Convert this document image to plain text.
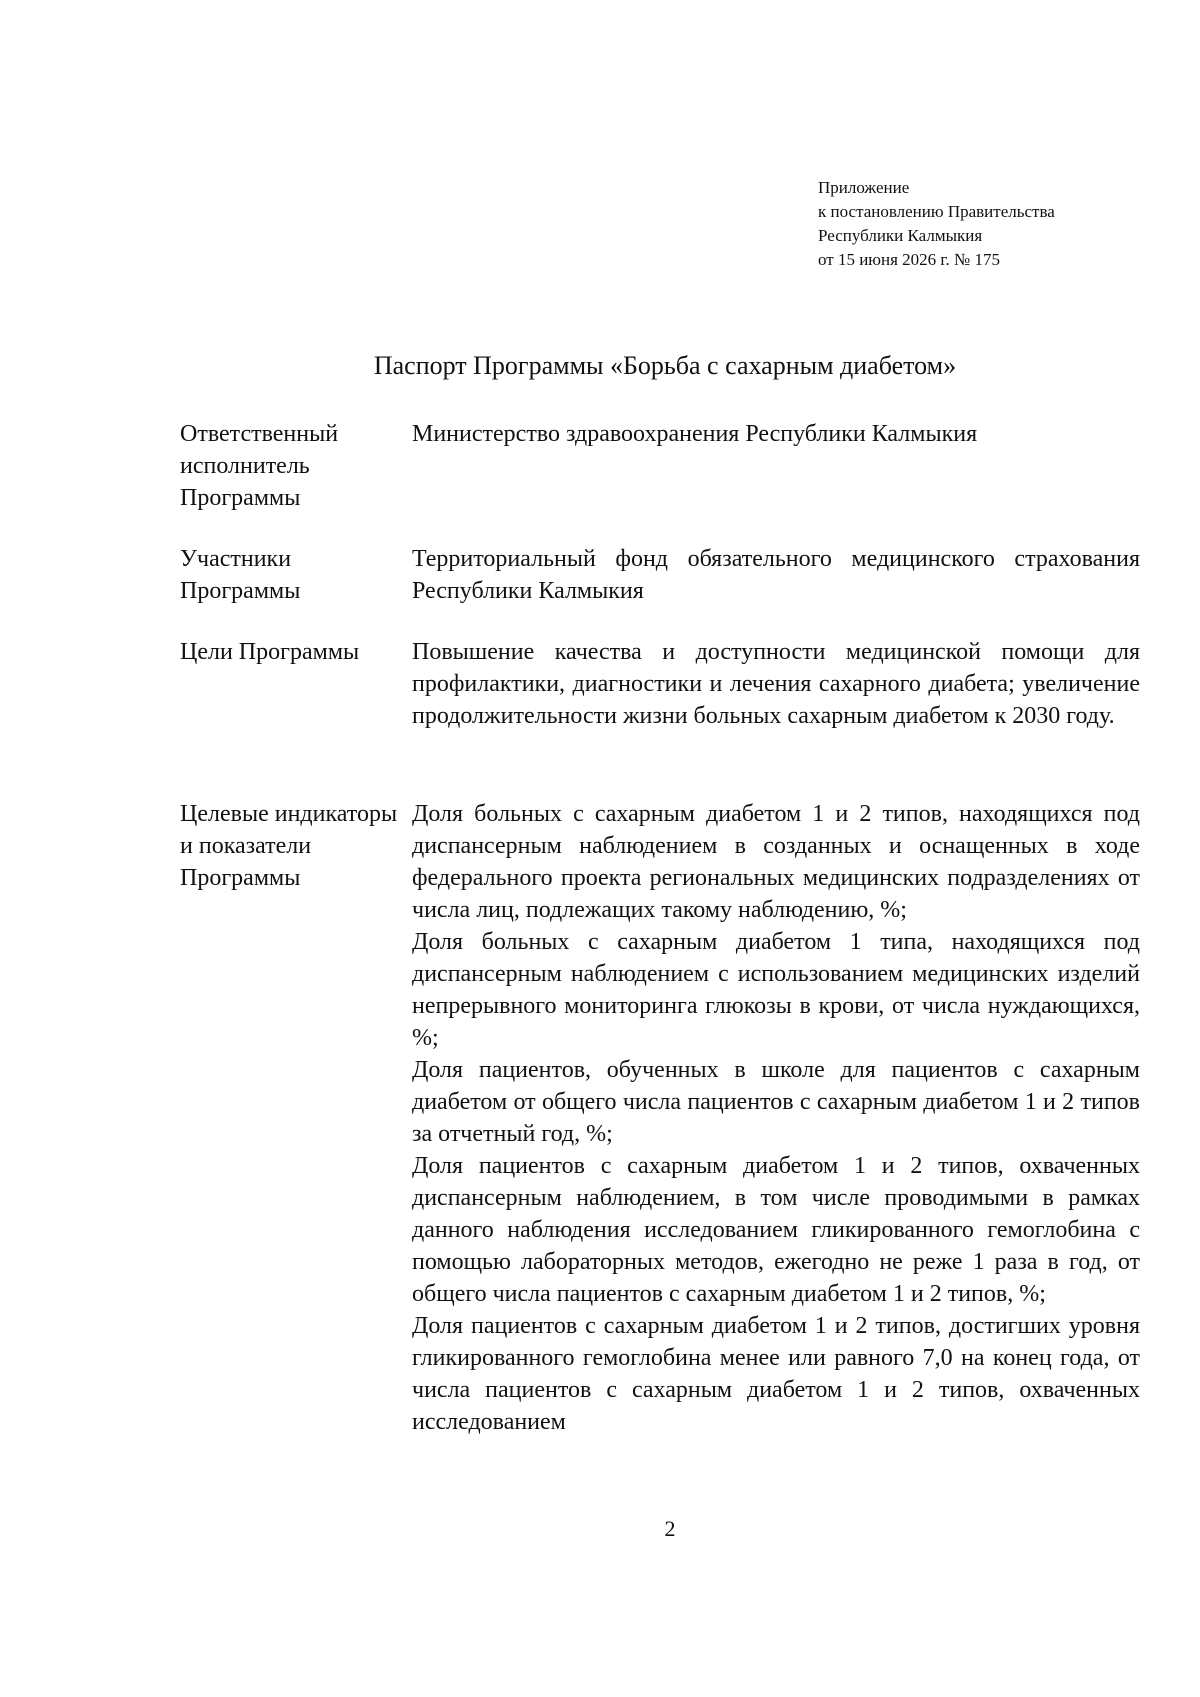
Приложение
к постановлению Правительства
Республики Калмыкия
от 15 июня 2026 г. № 175
Паспорт Программы «Борьба с сахарным диабетом»
Ответственный исполнитель Программы

Министерство здравоохранения Республики Калмыкия

Участники Программы

Территориальный фонд обязательного медицинского страхования Республики Калмыкия

Цели Программы	Повышение качества и доступности медицинской помощи для профилактики, диагностики и лечения сахарного диабета; увеличение продолжительности жизни больных сахарным диабетом к 2030 году.

Целевые индикаторы и показатели Программы

Доля больных с сахарным диабетом 1 и 2 типов, находящихся под диспансерным наблюдением в созданных и оснащенных в ходе федерального проекта региональных медицинских подразделениях от числа лиц, подлежащих такому наблюдению, %;

Доля больных с сахарным диабетом 1 типа, находящихся под диспансерным наблюдением с использованием медицинских изделий непрерывного мониторинга глюкозы в крови, от числа нуждающихся, %;

Доля пациентов, обученных в школе для пациентов с сахарным диабетом от общего числа пациентов с сахарным диабетом 1 и 2 типов за отчетный год, %;

Доля пациентов с сахарным диабетом 1 и 2 типов, охваченных диспансерным наблюдением, в том числе проводимыми в рамках данного наблюдения исследованием гликированного гемоглобина с помощью лабораторных методов, ежегодно не реже 1 раза в год, от общего числа пациентов с сахарным диабетом 1 и 2 типов, %;

Доля пациентов с сахарным диабетом 1 и 2 типов, достигших уровня гликированного гемоглобина менее или равного 7,0 на конец года, от числа пациентов с сахарным диабетом 1 и 2 типов, охваченных исследованием

2
